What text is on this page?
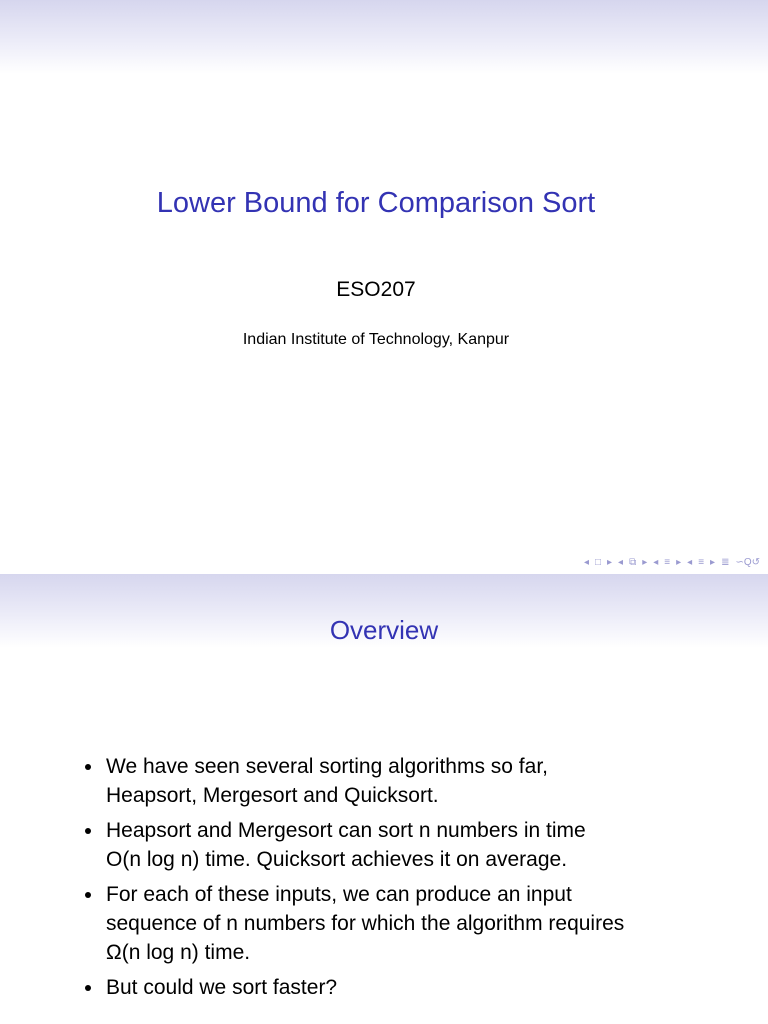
Lower Bound for Comparison Sort
ESO207
Indian Institute of Technology, Kanpur
◂ □ ▸ ◂ ⧉ ▸ ◂ ≡ ▸ ◂ ≡ ▸ ≣ ∽Q↺
Overview
We have seen several sorting algorithms so far,
Heapsort, Mergesort and Quicksort.
Heapsort and Mergesort can sort n numbers in time
O(n log n) time. Quicksort achieves it on average.
For each of these inputs, we can produce an input
sequence of n numbers for which the algorithm requires
Ω(n log n) time.
But could we sort faster?
